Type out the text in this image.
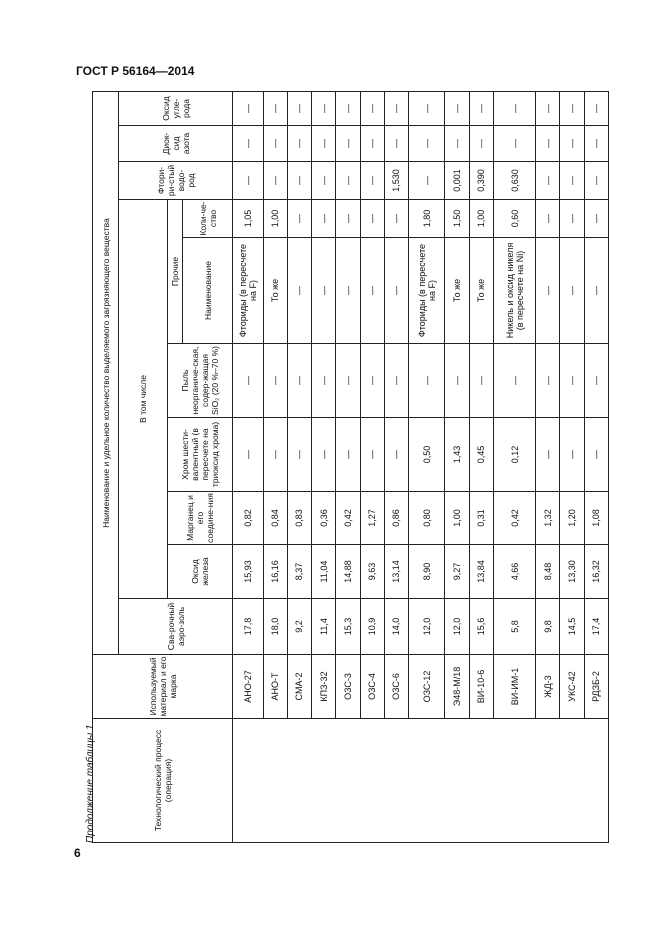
ГОСТ Р 56164—2014
Продолжение таблицы 1
6
Технологический процесс (операция)	Используемый материал и его марка	Наименование и удельное количество выделяемого загрязняющего вещества									
		Сва-рочный аэро-золь	В том числе						Фтори-ри-стый водо-род	Диок-сид азота	Оксид угле-рода
			Оксид железа	Марганец и его соедине-ния	Хром шести-валентный (в пересчете на триоксид хрома)	Пыль неорганиче-ская, содер-жащая SiO₂ (20 %–70 %)	Прочие				
							Наименование	Коли-че-ство			

	АНО-27	17,8	15,93	0,82	—	—	Фториды (в пересчете на F)	1,05	—	—	—
	АНО-Т	18,0	16,16	0,84	—	—	То же	1,00	—	—	—
	СМА-2	9,2	8,37	0,83	—	—	—	—	—	—	—
	КПЗ-32	11,4	11,04	0,36	—	—	—	—	—	—	—
	ОЗС-3	15,3	14,88	0,42	—	—	—	—	—	—	—
	ОЗС-4	10,9	9,63	1,27	—	—	—	—	—	—	—
	ОЗС-6	14,0	13,14	0,86	—	—	—	—	1,530	—	—
	ОЗС-12	12,0	8,90	0,80	0,50	—	Фториды (в пересчете на F)	1,80	—	—	—
	Э48-М/18	12,0	9,27	1,00	1,43	—	То же	1,50	0,001	—	—
	ВИ-10-6	15,6	13,84	0,31	0,45	—	То же	1,00	0,390	—	—
	ВИ-ИМ-1	5,8	4,66	0,42	0,12	—	Никель и оксид никеля (в пересчете на Ni)	0,60	0,630	—	—
	ЖД-3	9,8	8,48	1,32	—	—	—	—	—	—	—
	УКС-42	14,5	13,30	1,20	—	—	—	—	—	—	—
	РДЗБ-2	17,4	16,32	1,08	—	—	—	—	—	—	—
